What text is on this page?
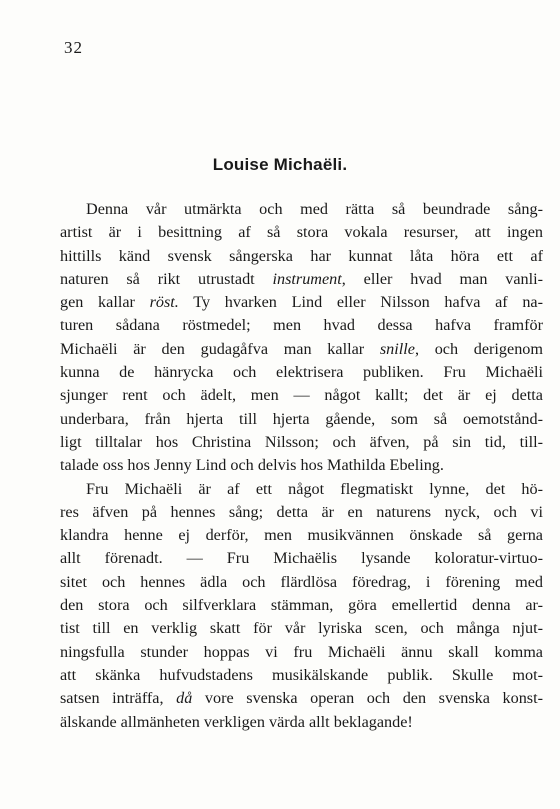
32
Louise Michaëli.
Denna vår utmärkta och med rätta så beundrade sång-
artist är i besittning af så stora vokala resurser, att ingen
hittills känd svensk sångerska har kunnat låta höra ett af
naturen så rikt utrustadt instrument, eller hvad man vanli-
gen kallar röst. Ty hvarken Lind eller Nilsson hafva af na-
turen sådana röstmedel; men hvad dessa hafva framför
Michaëli är den gudagåfva man kallar snille, och derigenom
kunna de hänrycka och elektrisera publiken. Fru Michaëli
sjunger rent och ädelt, men — något kallt; det är ej detta
underbara, från hjerta till hjerta gående, som så oemotstånd-
ligt tilltalar hos Christina Nilsson; och äfven, på sin tid, till-
talade oss hos Jenny Lind och delvis hos Mathilda Ebeling.
Fru Michaëli är af ett något flegmatiskt lynne, det hö-
res äfven på hennes sång; detta är en naturens nyck, och vi
klandra henne ej derför, men musikvännen önskade så gerna
allt förenadt. — Fru Michaëlis lysande koloratur-virtuo-
sitet och hennes ädla och flärdlösa föredrag, i förening med
den stora och silfverklara stämman, göra emellertid denna ar-
tist till en verklig skatt för vår lyriska scen, och många njut-
ningsfulla stunder hoppas vi fru Michaëli ännu skall komma
att skänka hufvudstadens musikälskande publik. Skulle mot-
satsen inträffa, då vore svenska operan och den svenska konst-
älskande allmänheten verkligen värda allt beklagande!
